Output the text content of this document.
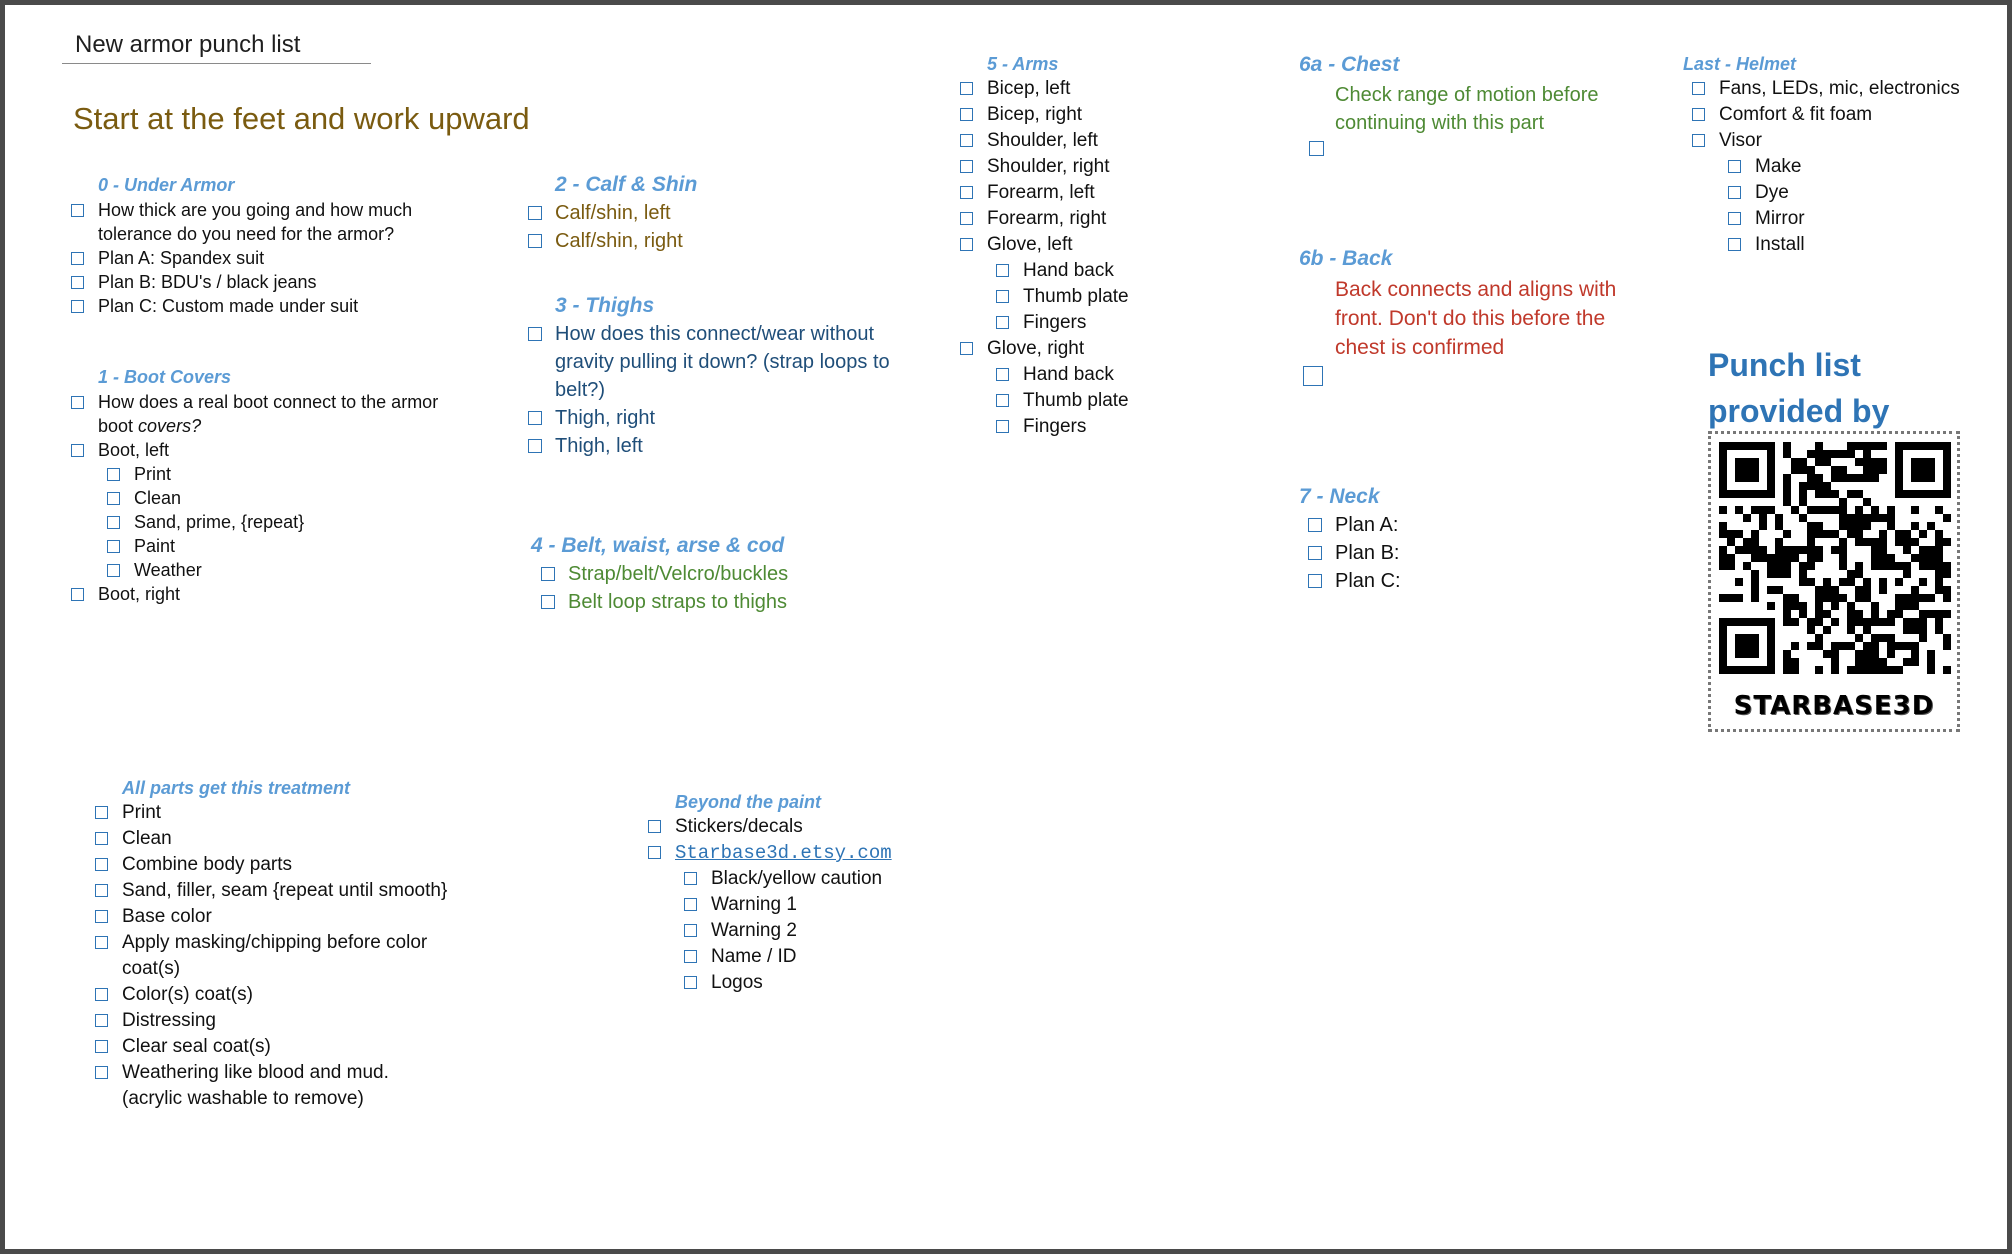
New armor punch list
Start at the feet and work upward
0 - Under Armor
How thick are you going and how much tolerance do you need for the armor?
Plan A: Spandex suit
Plan B: BDU's / black jeans
Plan C: Custom made under suit
1 - Boot Covers
How does a real boot connect to the armor boot covers?
Boot, left
Print
Clean
Sand, prime, {repeat}
Paint
Weather
Boot, right
2 - Calf & Shin
Calf/shin, left
Calf/shin, right
3 - Thighs
How does this connect/wear without gravity pulling it down? (strap loops to belt?)
Thigh, right
Thigh, left
4 - Belt, waist, arse & cod
Strap/belt/Velcro/buckles
Belt loop straps to thighs
5 - Arms
Bicep, left
Bicep, right
Shoulder, left
Shoulder, right
Forearm, left
Forearm, right
Glove, left
Hand back
Thumb plate
Fingers
Glove, right
Hand back
Thumb plate
Fingers
6a - Chest
Check range of motion before continuing with this part
6b - Back
Back connects and aligns with front. Don't do this before the chest is confirmed
7 - Neck
Plan A:
Plan B:
Plan C:
Last - Helmet
Fans, LEDs, mic, electronics
Comfort & fit foam
Visor
Make
Dye
Mirror
Install
Punch list provided by
STARBASE3D
All parts get this treatment
Print
Clean
Combine body parts
Sand, filler, seam {repeat until smooth}
Base color
Apply masking/chipping before color coat(s)
Color(s) coat(s)
Distressing
Clear seal coat(s)
Weathering like blood and mud. (acrylic washable to remove)
Beyond the paint
Stickers/decals
Starbase3d.etsy.com
Black/yellow caution
Warning 1
Warning 2
Name / ID
Logos
